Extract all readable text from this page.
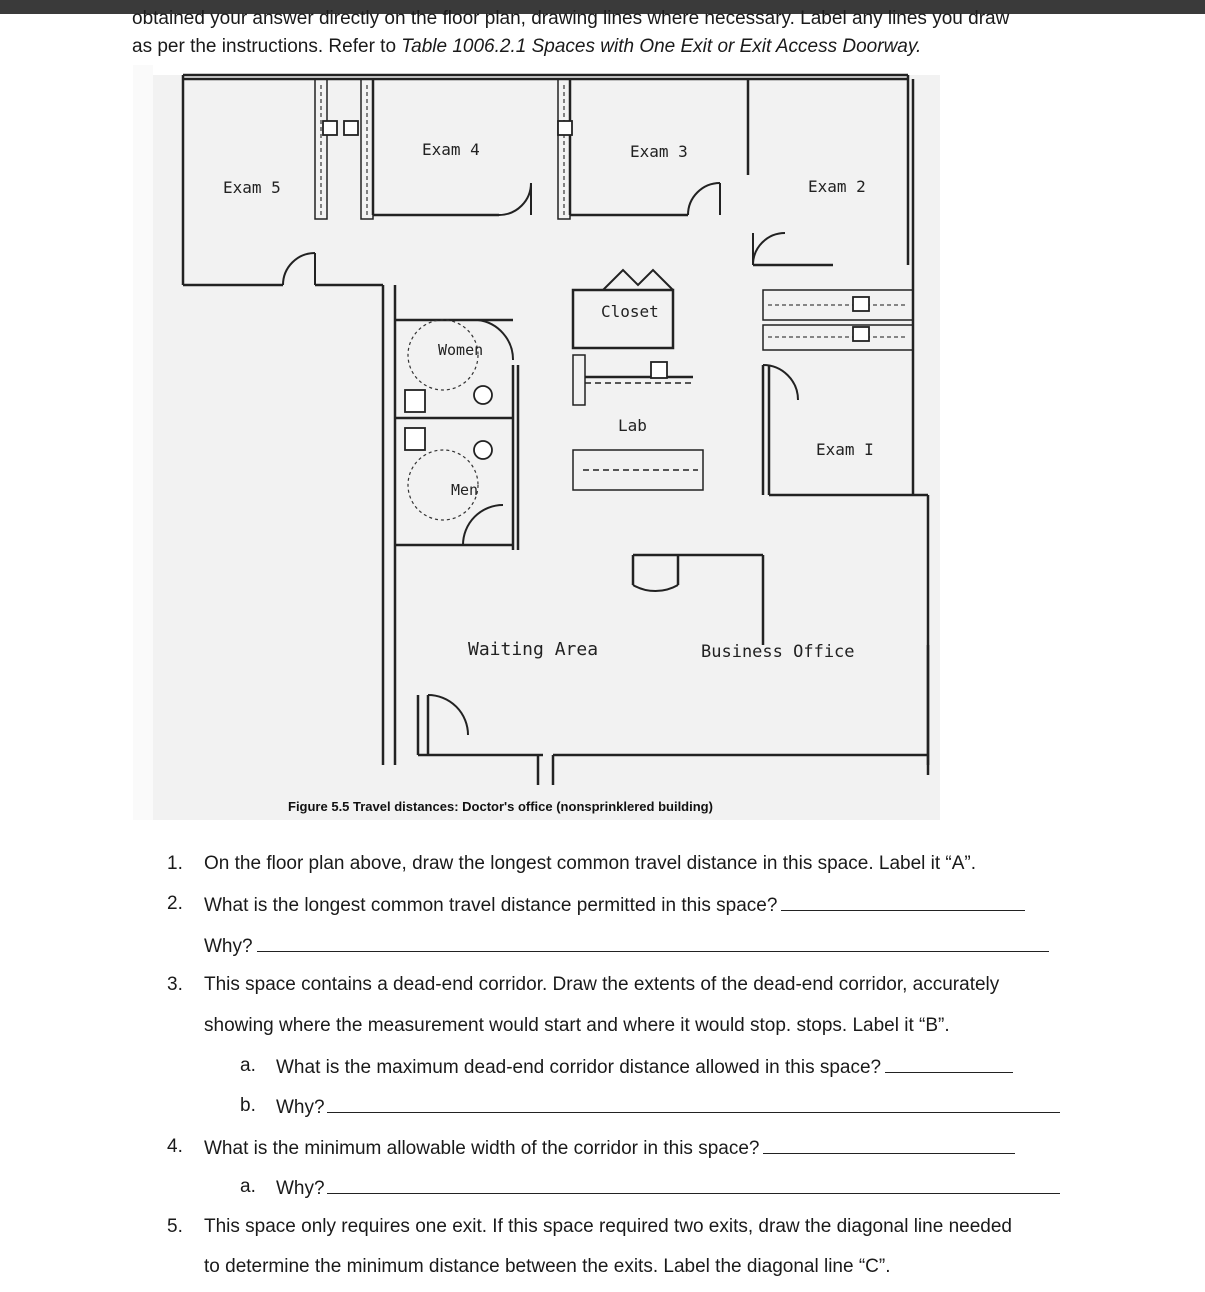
obtained your answer directly on the floor plan, drawing lines where necessary. Label any lines you draw
as per the instructions. Refer to Table 1006.2.1 Spaces with One Exit or Exit Access Doorway.
Exam 5
Exam 4	Exam 3
Exam 2
Closet
Women
Lab
Exam I
Men
Waiting Area	Business Office
Figure 5.5 Travel distances: Doctor's office (nonsprinklered building)
1. On the floor plan above, draw the longest common travel distance in this space. Label it “A”.
2. What is the longest common travel distance permitted in this space?
Why?
3. This space contains a dead-end corridor. Draw the extents of the dead-end corridor, accurately
showing where the measurement would start and where it would stop. stops. Label it “B”.
a. What is the maximum dead-end corridor distance allowed in this space?
b. Why?
4. What is the minimum allowable width of the corridor in this space?
a. Why?
5. This space only requires one exit. If this space required two exits, draw the diagonal line needed
to determine the minimum distance between the exits. Label the diagonal line “C”.
